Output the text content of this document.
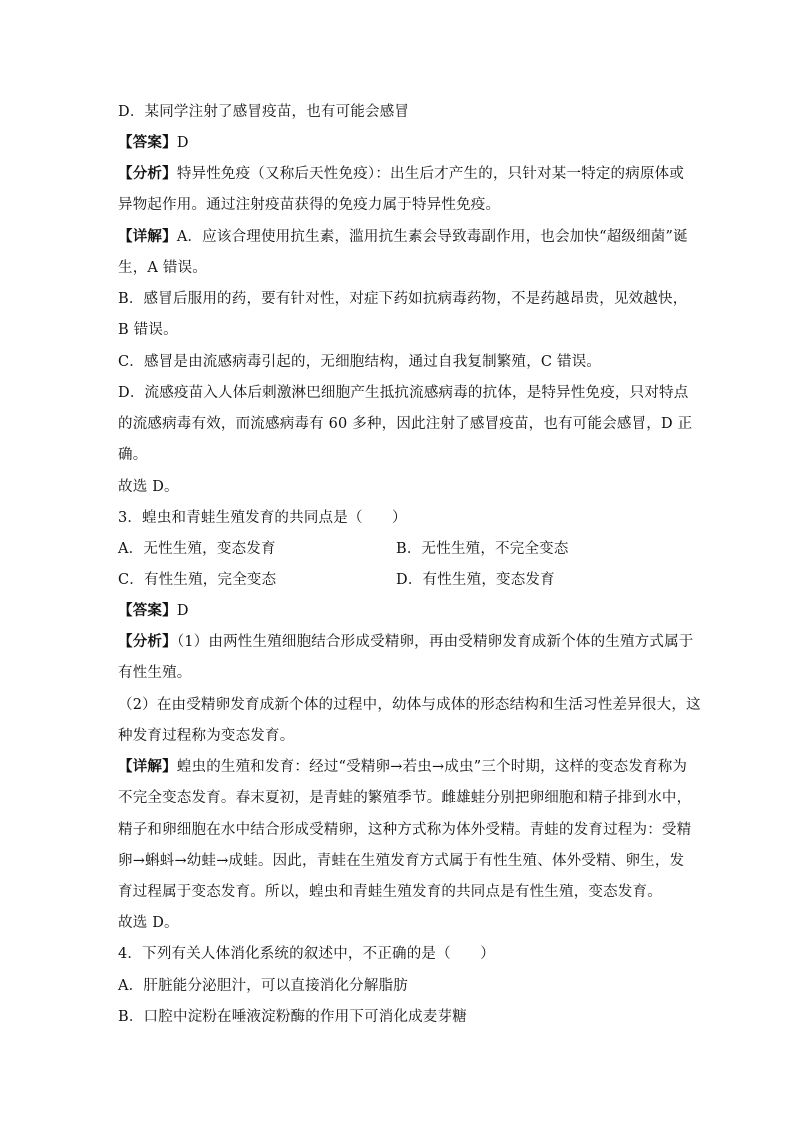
D．某同学注射了感冒疫苗，也有可能会感冒
【答案】D
【分析】特异性免疫（又称后天性免疫）：出生后才产生的，只针对某一特定的病原体或
异物起作用。通过注射疫苗获得的免疫力属于特异性免疫。
【详解】A．应该合理使用抗生素，滥用抗生素会导致毒副作用，也会加快“超级细菌”诞
生，A 错误。
B．感冒后服用的药，要有针对性，对症下药如抗病毒药物，不是药越昂贵，见效越快，
B 错误。
C．感冒是由流感病毒引起的，无细胞结构，通过自我复制繁殖，C 错误。
D．流感疫苗入人体后刺激淋巴细胞产生抵抗流感病毒的抗体，是特异性免疫，只对特点
的流感病毒有效，而流感病毒有 60 多种，因此注射了感冒疫苗，也有可能会感冒，D 正
确。
故选 D。
3．蝗虫和青蛙生殖发育的共同点是（　　）
A．无性生殖，变态发育	B．无性生殖，不完全变态
C．有性生殖，完全变态	D．有性生殖，变态发育
【答案】D
【分析】（1）由两性生殖细胞结合形成受精卵，再由受精卵发育成新个体的生殖方式属于
有性生殖。
（2）在由受精卵发育成新个体的过程中，幼体与成体的形态结构和生活习性差异很大，这
种发育过程称为变态发育。
【详解】蝗虫的生殖和发育：经过“受精卵→若虫→成虫”三个时期，这样的变态发育称为
不完全变态发育。春末夏初，是青蛙的繁殖季节。雌雄蛙分别把卵细胞和精子排到水中，
精子和卵细胞在水中结合形成受精卵，这种方式称为体外受精。青蛙的发育过程为：受精
卵→蝌蚪→幼蛙→成蛙。因此，青蛙在生殖发育方式属于有性生殖、体外受精、卵生，发
育过程属于变态发育。所以，蝗虫和青蛙生殖发育的共同点是有性生殖，变态发育。
故选 D。
4．下列有关人体消化系统的叙述中，不正确的是（　　）
A．肝脏能分泌胆汁，可以直接消化分解脂肪
B．口腔中淀粉在唾液淀粉酶的作用下可消化成麦芽糖
